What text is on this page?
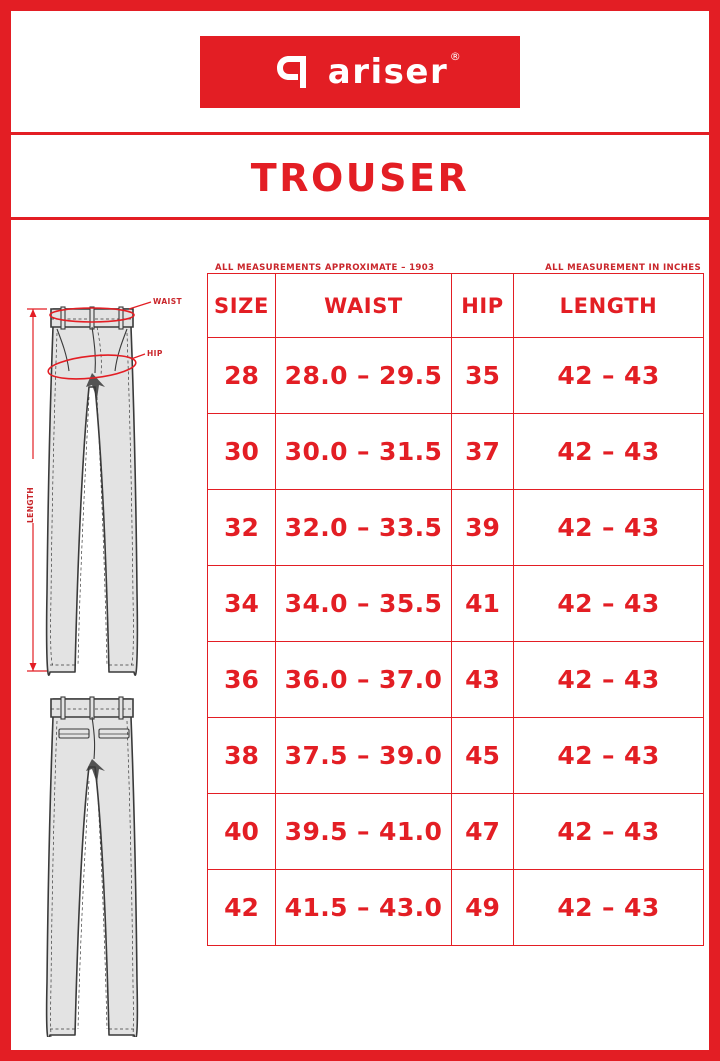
ariser ®
TROUSER
WAIST
HIP
LENGTH
ALL MEASUREMENTS APPROXIMATE – 1903	ALL MEASUREMENT IN INCHES
SIZE	WAIST	HIP	LENGTH
28	28.0 – 29.5	35	42 – 43
30	30.0 – 31.5	37	42 – 43
32	32.0 – 33.5	39	42 – 43
34	34.0 – 35.5	41	42 – 43
36	36.0 – 37.0	43	42 – 43
38	37.5 – 39.0	45	42 – 43
40	39.5 – 41.0	47	42 – 43
42	41.5 – 43.0	49	42 – 43
